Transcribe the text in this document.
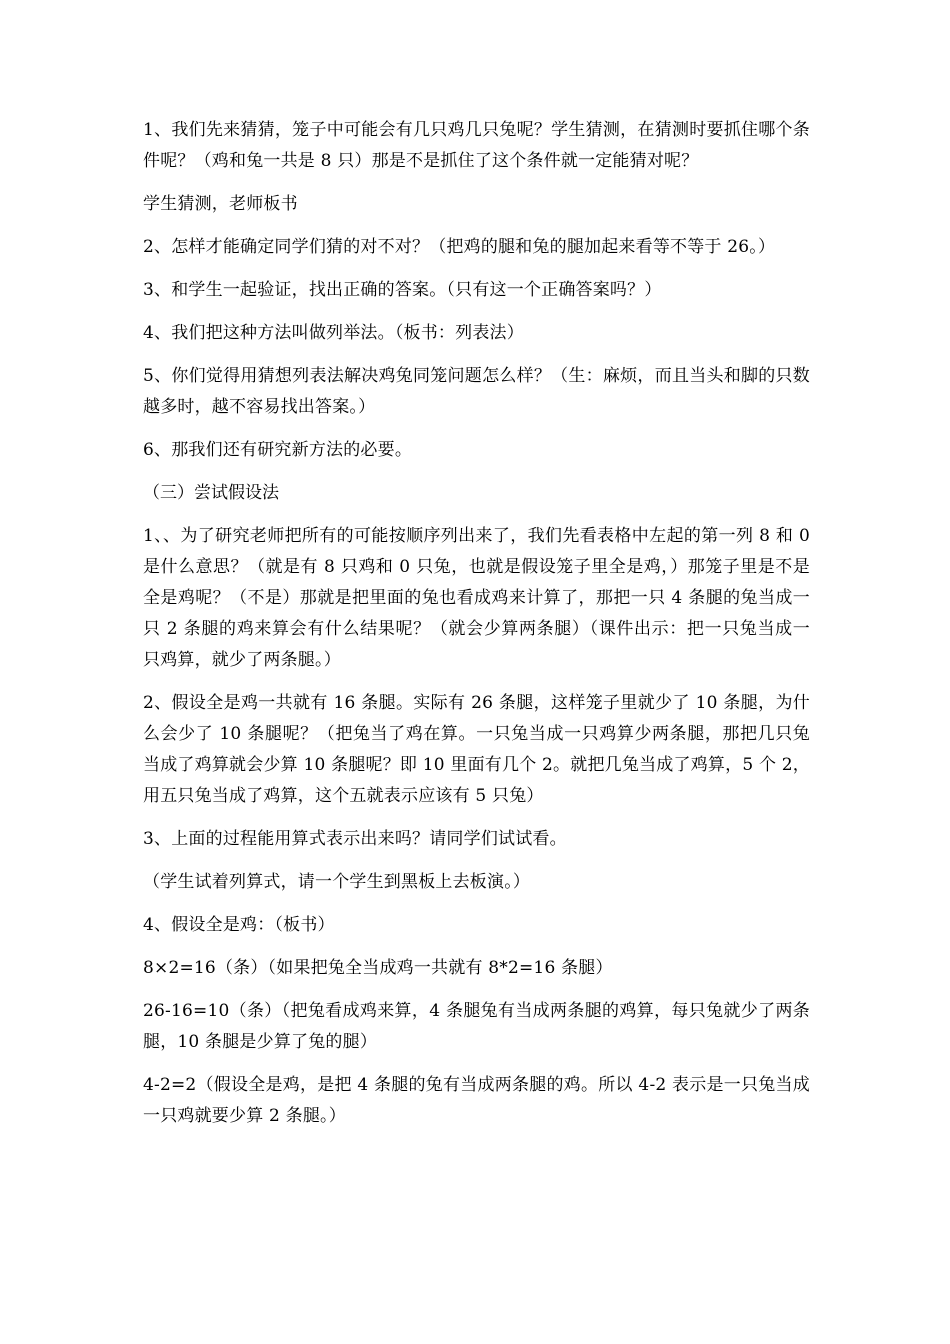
1、我们先来猜猜，笼子中可能会有几只鸡几只兔呢？学生猜测，在猜测时要抓住哪个条件呢？（鸡和兔一共是 8 只）那是不是抓住了这个条件就一定能猜对呢？

学生猜测，老师板书

2、怎样才能确定同学们猜的对不对？（把鸡的腿和兔的腿加起来看等不等于 26。）

3、和学生一起验证，找出正确的答案。（只有这一个正确答案吗？）

4、我们把这种方法叫做列举法。（板书：列表法）

5、你们觉得用猜想列表法解决鸡兔同笼问题怎么样？（生：麻烦，而且当头和脚的只数越多时，越不容易找出答案。）

6、那我们还有研究新方法的必要。

（三）尝试假设法

1、、为了研究老师把所有的可能按顺序列出来了，我们先看表格中左起的第一列 8 和 0 是什么意思？（就是有 8 只鸡和 0 只兔，也就是假设笼子里全是鸡，）那笼子里是不是全是鸡呢？（不是）那就是把里面的兔也看成鸡来计算了，那把一只 4 条腿的兔当成一只 2 条腿的鸡来算会有什么结果呢？（就会少算两条腿）（课件出示：把一只兔当成一只鸡算，就少了两条腿。）

2、假设全是鸡一共就有 16 条腿。实际有 26 条腿，这样笼子里就少了 10 条腿，为什么会少了 10 条腿呢？（把兔当了鸡在算。一只兔当成一只鸡算少两条腿，那把几只兔当成了鸡算就会少算 10 条腿呢？即 10 里面有几个 2。就把几兔当成了鸡算，5 个 2，用五只兔当成了鸡算，这个五就表示应该有 5 只兔）

3、上面的过程能用算式表示出来吗？请同学们试试看。

（学生试着列算式，请一个学生到黑板上去板演。）

4、假设全是鸡：（板书）

8×2=16（条）（如果把兔全当成鸡一共就有 8*2=16 条腿）

26-16=10（条）（把兔看成鸡来算，4 条腿兔有当成两条腿的鸡算，每只兔就少了两条腿，10 条腿是少算了兔的腿）

4-2=2（假设全是鸡，是把 4 条腿的兔有当成两条腿的鸡。所以 4-2 表示是一只兔当成一只鸡就要少算 2 条腿。）
